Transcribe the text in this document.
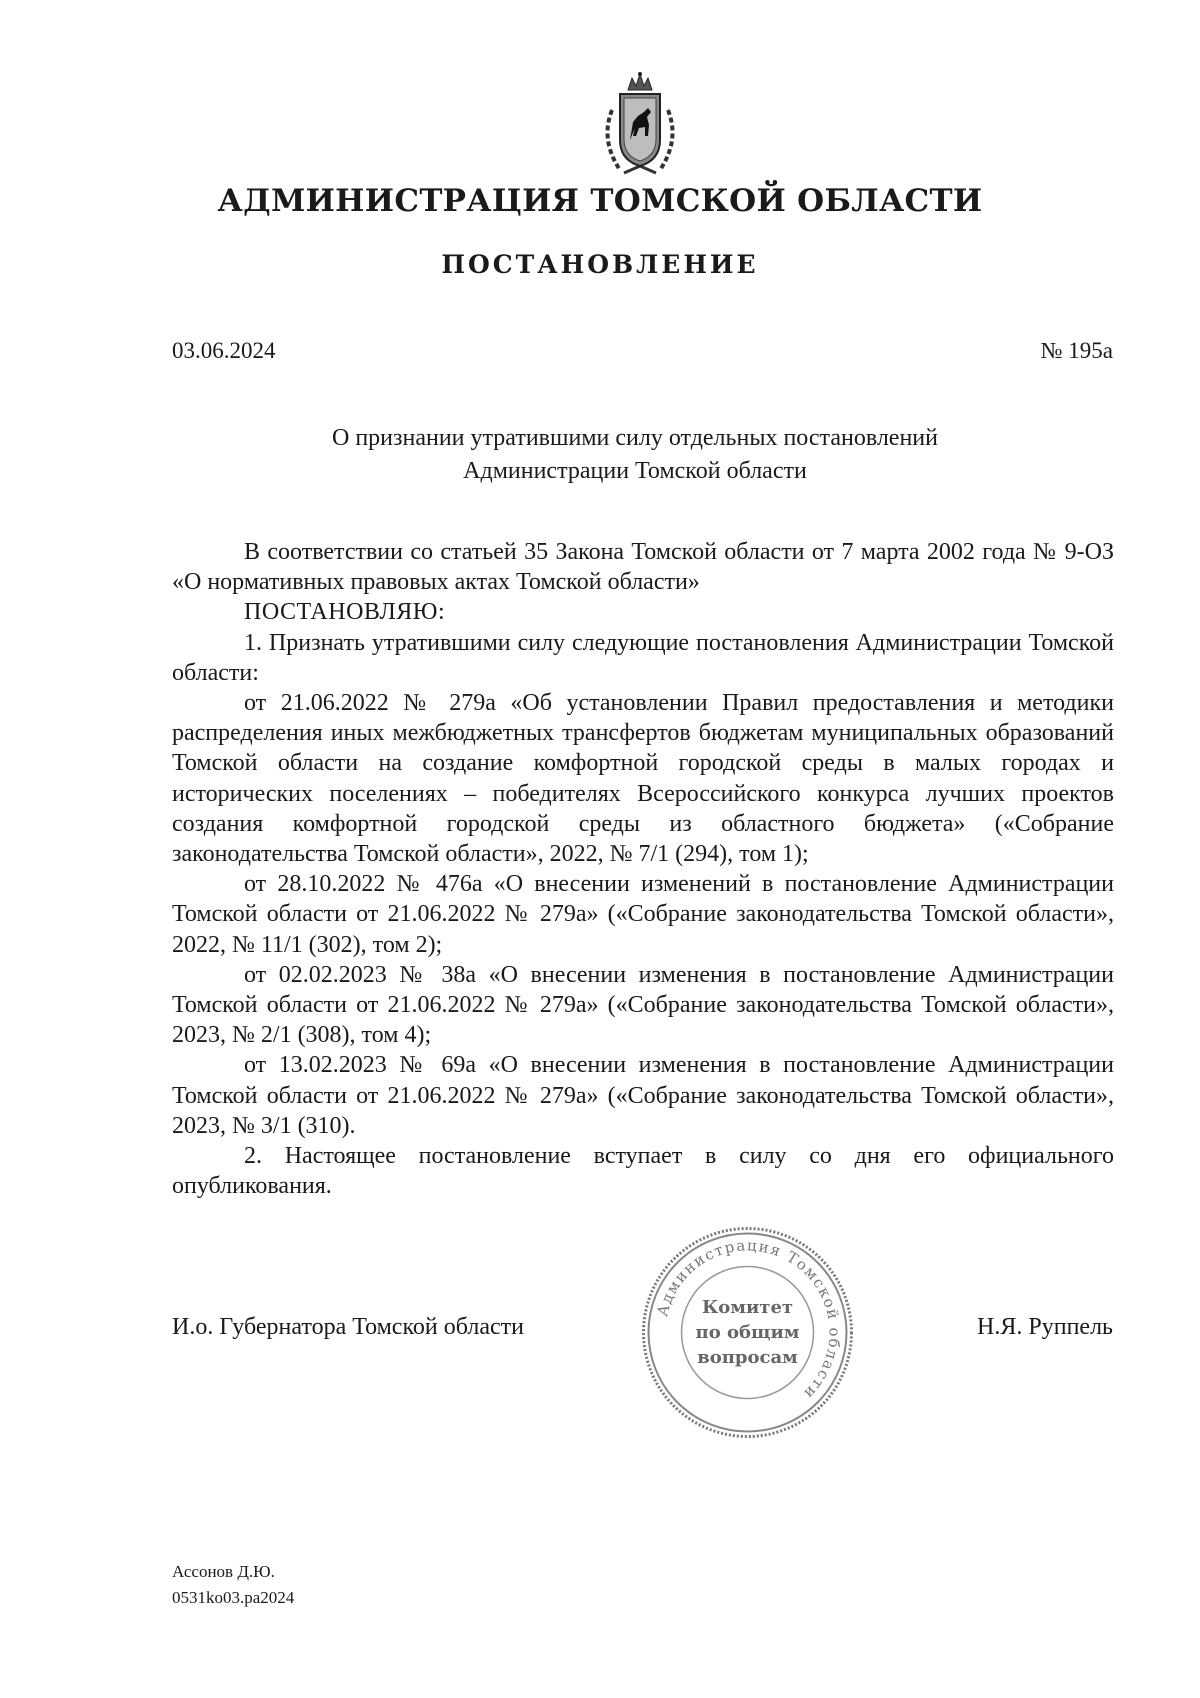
АДМИНИСТРАЦИЯ ТОМСКОЙ ОБЛАСТИ
ПОСТАНОВЛЕНИЕ
03.06.2024	№ 195а
О признании утратившими силу отдельных постановлений
Администрации Томской области

В соответствии со статьей 35 Закона Томской области от 7 марта 2002 года № 9-ОЗ «О нормативных правовых актах Томской области»

ПОСТАНОВЛЯЮ:

1. Признать утратившими силу следующие постановления Администрации Томской области:

от 21.06.2022 № 279а «Об установлении Правил предоставления и методики распределения иных межбюджетных трансфертов бюджетам муниципальных образований Томской области на создание комфортной городской среды в малых городах и исторических поселениях – победителях Всероссийского конкурса лучших проектов создания комфортной городской среды из областного бюджета» («Собрание законодательства Томской области», 2022, № 7/1 (294), том 1);

от 28.10.2022 № 476а «О внесении изменений в постановление Администрации Томской области от 21.06.2022 № 279а» («Собрание законодательства Томской области», 2022, № 11/1 (302), том 2);

от 02.02.2023 № 38а «О внесении изменения в постановление Администрации Томской области от 21.06.2022 № 279а» («Собрание законодательства Томской области», 2023, № 2/1 (308), том 4);

от 13.02.2023 № 69а «О внесении изменения в постановление Администрации Томской области от 21.06.2022 № 279а» («Собрание законодательства Томской области», 2023, № 3/1 (310).

2. Настоящее постановление вступает в силу со дня его официального опубликования.

И.о. Губернатора Томской области
Администрация Томской области
Комитет
по общим
вопросам
Н.Я. Руппель
Ассонов Д.Ю.
0531ko03.pa2024
